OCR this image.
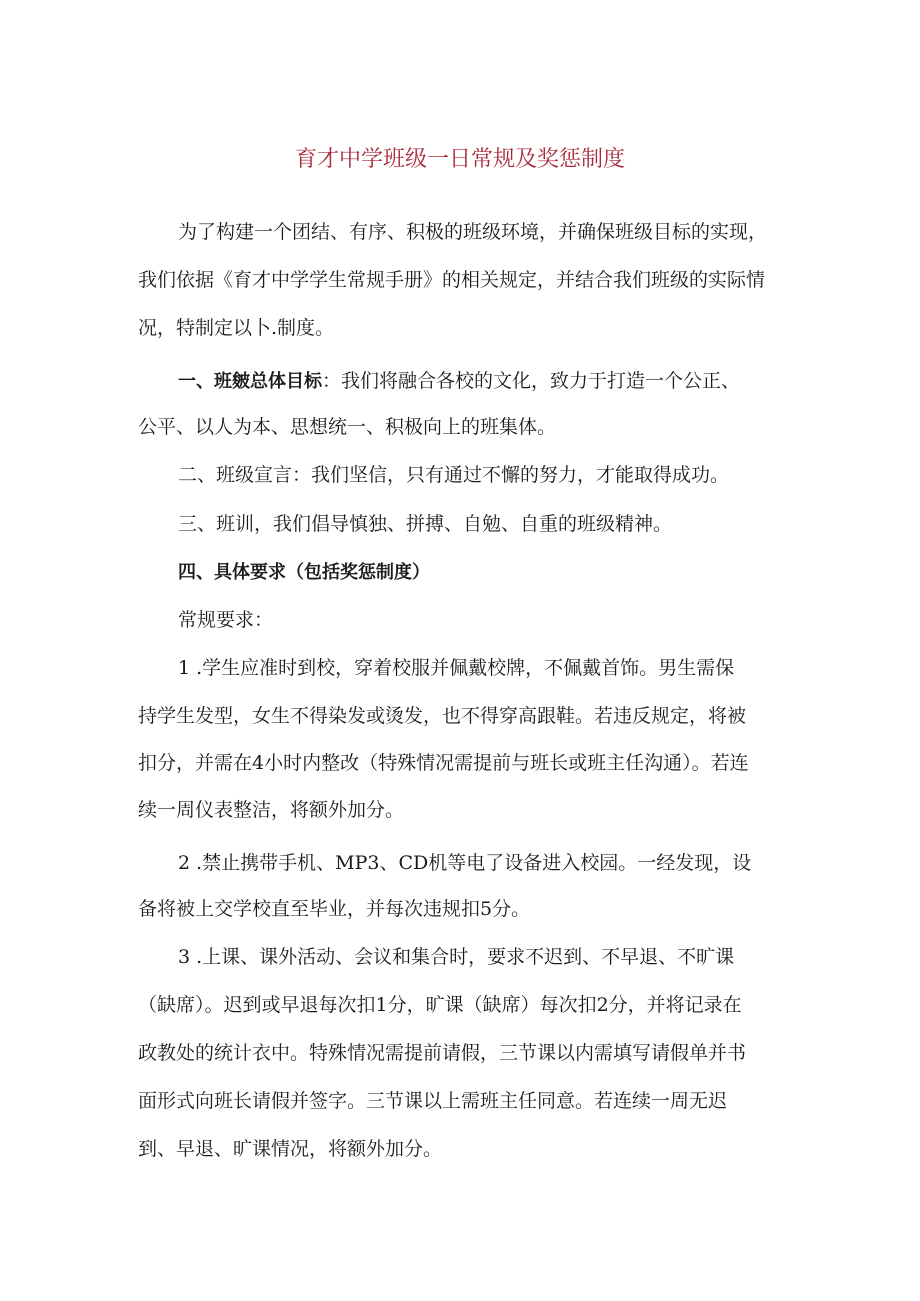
育才中学班级一日常规及奖惩制度
为了构建一个团结、有序、积极的班级环境，并确保班级目标的实现，
我们依据《育才中学学生常规手册》的相关规定，并结合我们班级的实际情
况，特制定以卜.制度。
一、班皴总体目标：我们将融合各校的文化，致力于打造一个公正、
公平、以人为本、思想统一、积极向上的班集体。
二、班级宣言：我们坚信，只有通过不懈的努力，才能取得成功。
三、班训，我们倡导慎独、拼搏、自勉、自重的班级精神。
四、具体要求（包括奖惩制度）
常规要求：
1 .学生应准时到校，穿着校服并佩戴校牌，不佩戴首饰。男生需保
持学生发型，女生不得染发或烫发，也不得穿高跟鞋。若违反规定，将被
扣分，并需在4小时内整改（特殊情况需提前与班长或班主任沟通）。若连
续一周仪表整洁，将额外加分。
2 .禁止携带手机、MP3、CD机等电了设备进入校园。一经发现，设
备将被上交学校直至毕业，并每次违规扣5分。
3 .上课、课外活动、会议和集合时，要求不迟到、不早退、不旷课
（缺席）。迟到或早退每次扣1分，旷课（缺席）每次扣2分，并将记录在
政教处的统计衣中。特殊情况需提前请假，三节课以内需填写请假单并书
面形式向班长请假并签字。三节课以上需班主任同意。若连续一周无迟
到、早退、旷课情况，将额外加分。
